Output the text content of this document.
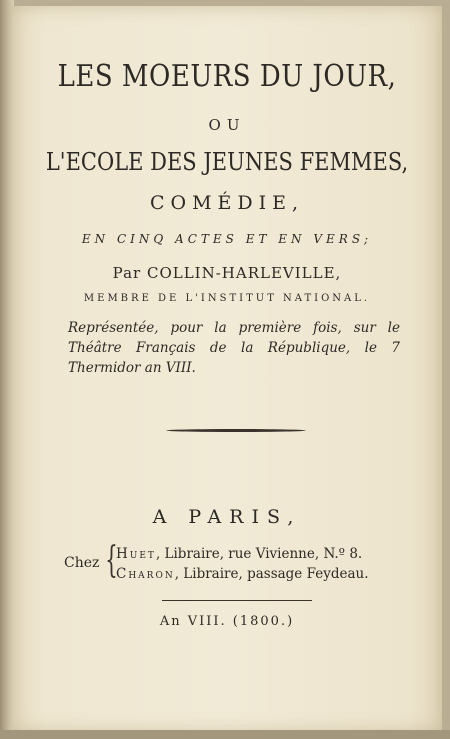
LES MOEURS DU JOUR,
OU
L'ECOLE DES JEUNES FEMMES,
COMÉDIE,
EN CINQ ACTES ET EN VERS;
Par COLLIN-HARLEVILLE,
MEMBRE DE L'INSTITUT NATIONAL.
Représentée, pour la première fois, sur le Théâtre Français de la République, le 7 Thermidor an VIII.
A PARIS,
Chez {
Huet, Libraire, rue Vivienne, N.º 8.
Charon, Libraire, passage Feydeau.
An VIII. (1800.)
